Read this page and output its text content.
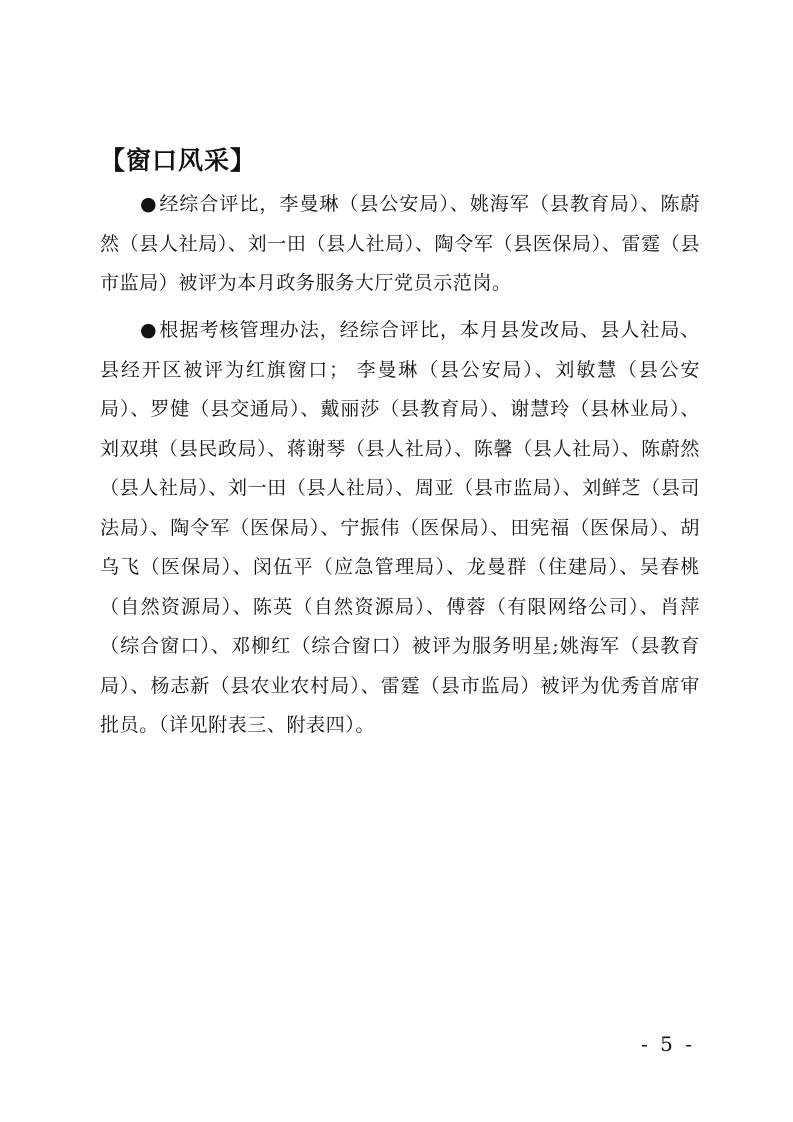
【窗口风采】

●经综合评比，李曼琳（县公安局）、姚海军（县教育局）、陈蔚然（县人社局）、刘一田（县人社局）、陶令军（县医保局）、雷霆（县市监局）被评为本月政务服务大厅党员示范岗。

●根据考核管理办法，经综合评比，本月县发改局、县人社局、县经开区被评为红旗窗口； 李曼琳（县公安局）、刘敏慧（县公安局）、罗健（县交通局）、戴丽莎（县教育局）、谢慧玲（县林业局）、刘双琪（县民政局）、蒋谢琴（县人社局）、陈馨（县人社局）、陈蔚然（县人社局）、刘一田（县人社局）、周亚（县市监局）、刘鲜芝（县司法局）、陶令军（医保局）、宁振伟（医保局）、田宪福（医保局）、胡乌飞（医保局）、闵伍平（应急管理局）、龙曼群（住建局）、吴春桃（自然资源局）、陈英（自然资源局）、傅蓉（有限网络公司）、肖萍（综合窗口）、邓柳红（综合窗口）被评为服务明星;姚海军（县教育局）、杨志新（县农业农村局）、雷霆（县市监局）被评为优秀首席审批员。（详见附表三、附表四）。

- 5 -
